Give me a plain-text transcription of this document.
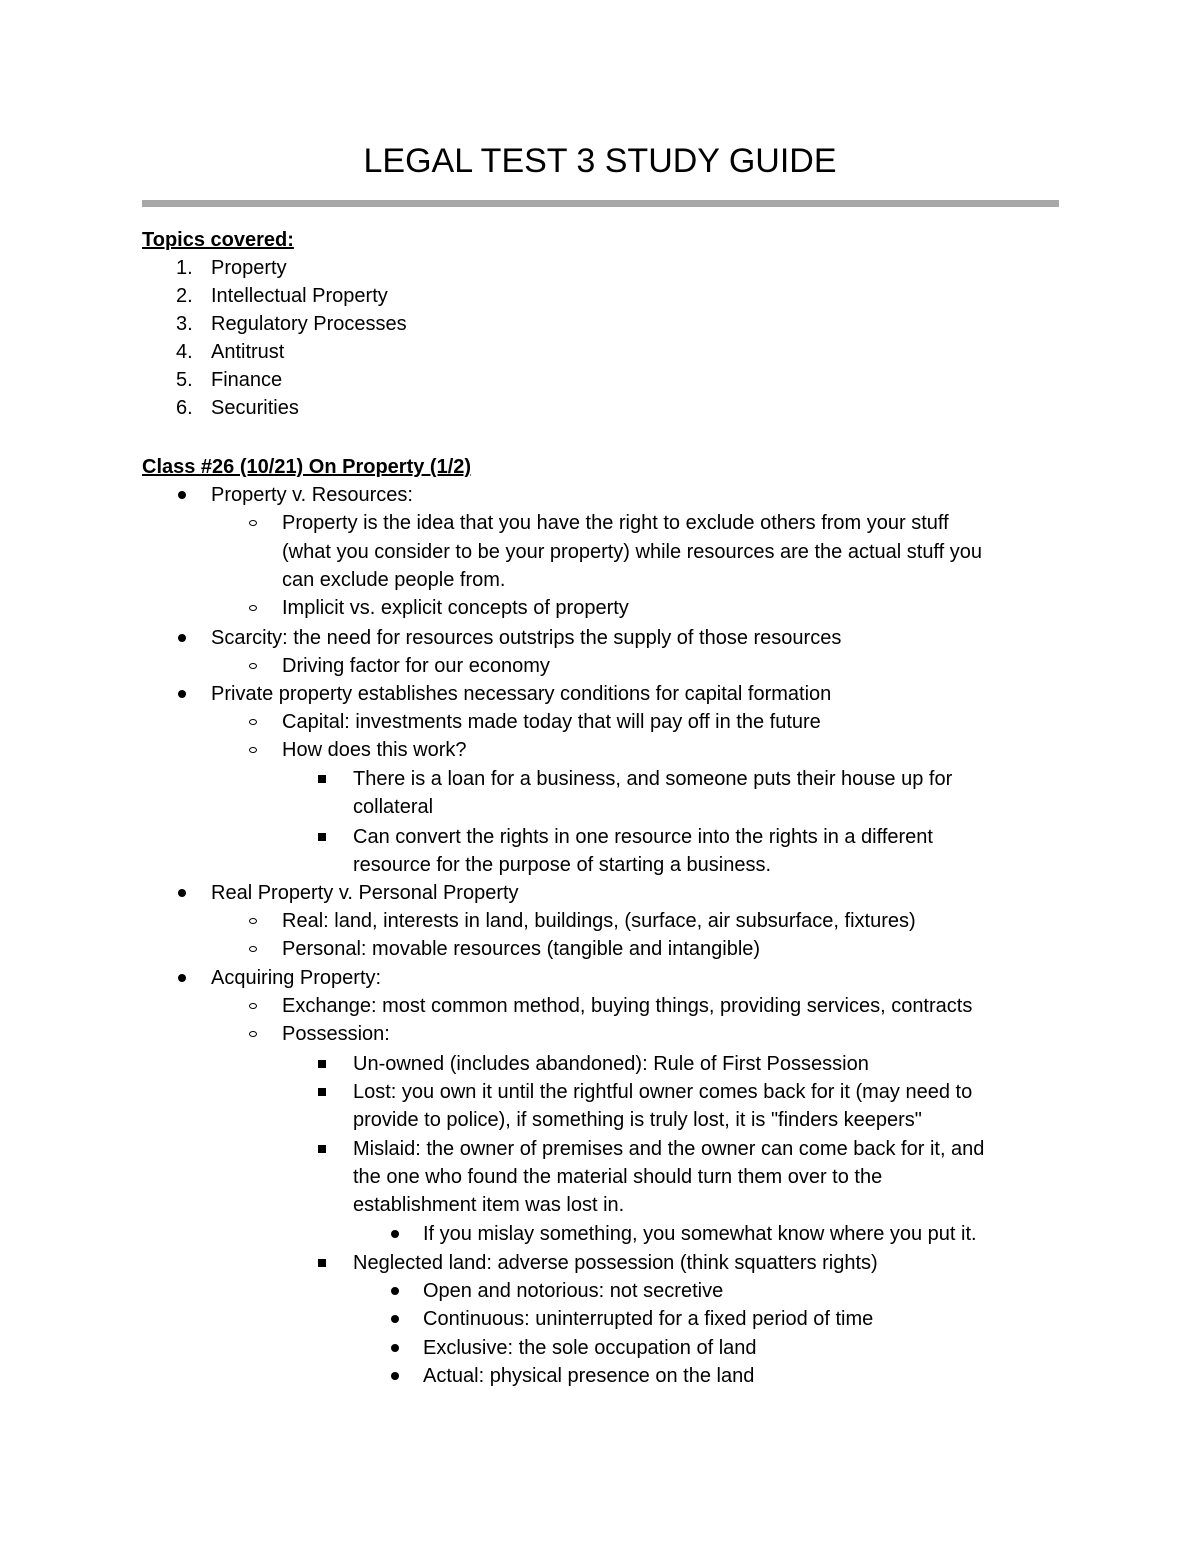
LEGAL TEST 3 STUDY GUIDE
Topics covered:
1. Property
2. Intellectual Property
3. Regulatory Processes
4. Antitrust
5. Finance
6. Securities
Class #26 (10/21) On Property (1/2)
Property v. Resources:
Property is the idea that you have the right to exclude others from your stuff
(what you consider to be your property) while resources are the actual stuff you
can exclude people from.
Implicit vs. explicit concepts of property
Scarcity: the need for resources outstrips the supply of those resources
Driving factor for our economy
Private property establishes necessary conditions for capital formation
Capital: investments made today that will pay off in the future
How does this work?
There is a loan for a business, and someone puts their house up for
collateral
Can convert the rights in one resource into the rights in a different
resource for the purpose of starting a business.
Real Property v. Personal Property
Real: land, interests in land, buildings, (surface, air subsurface, fixtures)
Personal: movable resources (tangible and intangible)
Acquiring Property:
Exchange: most common method, buying things, providing services, contracts
Possession:
Un-owned (includes abandoned): Rule of First Possession
Lost: you own it until the rightful owner comes back for it (may need to
provide to police), if something is truly lost, it is "finders keepers"
Mislaid: the owner of premises and the owner can come back for it, and
the one who found the material should turn them over to the
establishment item was lost in.
If you mislay something, you somewhat know where you put it.
Neglected land: adverse possession (think squatters rights)
Open and notorious: not secretive
Continuous: uninterrupted for a fixed period of time
Exclusive: the sole occupation of land
Actual: physical presence on the land
